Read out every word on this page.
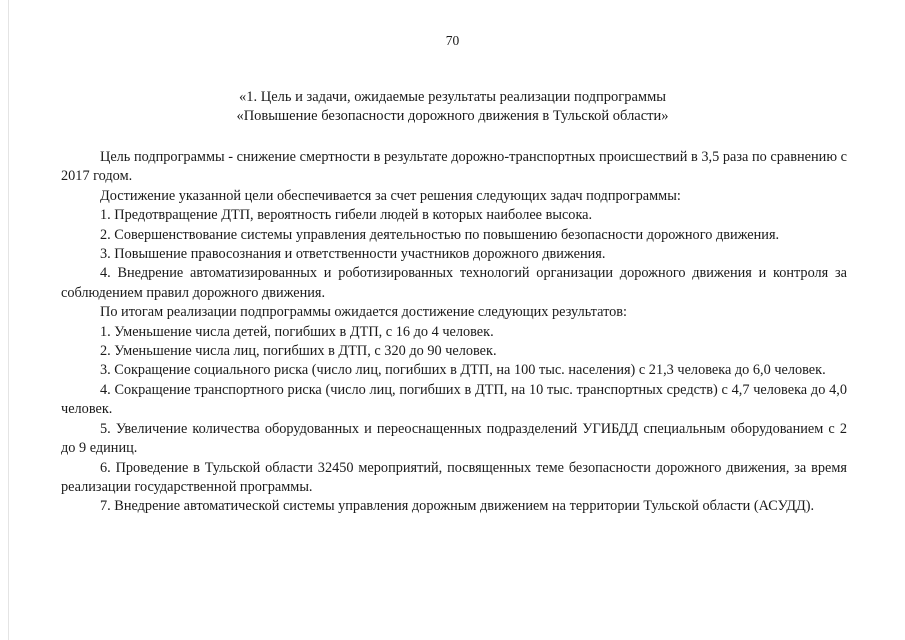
70
«1. Цель и задачи, ожидаемые результаты реализации подпрограммы
«Повышение безопасности дорожного движения в Тульской области»

Цель подпрограммы - снижение смертности в результате дорожно-транспортных происшествий в 3,5 раза по сравнению с 2017 годом.

Достижение указанной цели обеспечивается за счет решения следующих задач подпрограммы:

1. Предотвращение ДТП, вероятность гибели людей в которых наиболее высока.

2. Совершенствование системы управления деятельностью по повышению безопасности дорожного движения.

3. Повышение правосознания и ответственности участников дорожного движения.

4. Внедрение автоматизированных и роботизированных технологий организации дорожного движения и контроля за соблюдением правил дорожного движения.

По итогам реализации подпрограммы ожидается достижение следующих результатов:

1. Уменьшение числа детей, погибших в ДТП, с 16 до 4 человек.

2. Уменьшение числа лиц, погибших в ДТП, с 320 до 90 человек.

3. Сокращение социального риска (число лиц, погибших в ДТП, на 100 тыс. населения) с 21,3 человека до 6,0 человек.

4. Сокращение транспортного риска (число лиц, погибших в ДТП, на 10 тыс. транспортных средств) с 4,7 человека до 4,0 человек.

5. Увеличение количества оборудованных и переоснащенных подразделений УГИБДД специальным оборудованием с 2 до 9 единиц.

6. Проведение в Тульской области 32450 мероприятий, посвященных теме безопасности дорожного движения, за время реализации государственной программы.

7. Внедрение автоматической системы управления дорожным движением на территории Тульской области (АСУДД).
